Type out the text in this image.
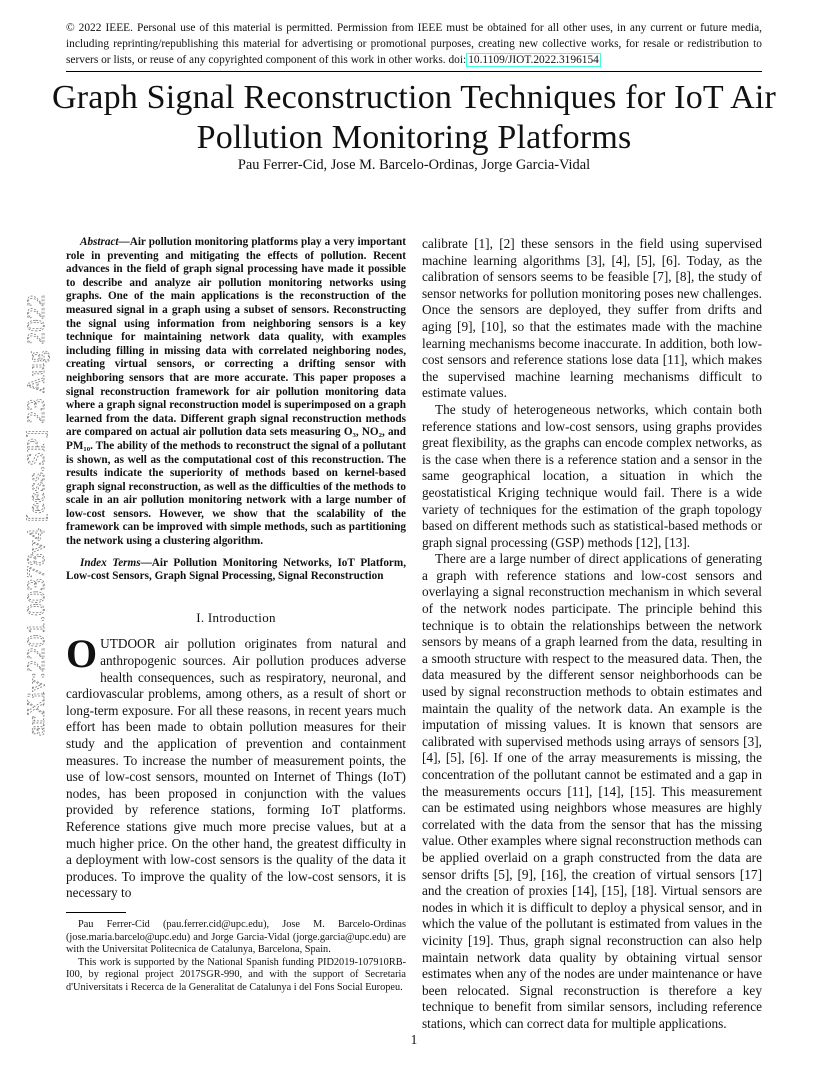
© 2022 IEEE. Personal use of this material is permitted. Permission from IEEE must be obtained for all other uses, in any current or future media, including reprinting/republishing this material for advertising or promotional purposes, creating new collective works, for resale or redistribution to servers or lists, or reuse of any copyrighted component of this work in other works. doi: 10.1109/JIOT.2022.3196154
Graph Signal Reconstruction Techniques for IoT Air Pollution Monitoring Platforms
Pau Ferrer-Cid, Jose M. Barcelo-Ordinas, Jorge Garcia-Vidal
arXiv:2201.00378v4 [eess.SP] 23 Aug 2022

Abstract—Air pollution monitoring platforms play a very important role in preventing and mitigating the effects of pollution. Recent advances in the field of graph signal processing have made it possible to describe and analyze air pollution monitoring networks using graphs. One of the main applications is the reconstruction of the measured signal in a graph using a subset of sensors. Reconstructing the signal using information from neighboring sensors is a key technique for maintaining network data quality, with examples including filling in missing data with correlated neighboring nodes, creating virtual sensors, or correcting a drifting sensor with neighboring sensors that are more accurate. This paper proposes a signal reconstruction framework for air pollution monitoring data where a graph signal reconstruction model is superimposed on a graph learned from the data. Different graph signal reconstruction methods are compared on actual air pollution data sets measuring O₃, NO₂, and PM₁₀. The ability of the methods to reconstruct the signal of a pollutant is shown, as well as the computational cost of this reconstruction. The results indicate the superiority of methods based on kernel-based graph signal reconstruction, as well as the difficulties of the methods to scale in an air pollution monitoring network with a large number of low-cost sensors. However, we show that the scalability of the framework can be improved with simple methods, such as partitioning the network using a clustering algorithm.

Index Terms—Air Pollution Monitoring Networks, IoT Platform, Low-cost Sensors, Graph Signal Processing, Signal Reconstruction

I. Introduction

OUTDOOR air pollution originates from natural and anthropogenic sources. Air pollution produces adverse health consequences, such as respiratory, neuronal, and cardiovascular problems, among others, as a result of short or long-term exposure. For all these reasons, in recent years much effort has been made to obtain pollution measures for their study and the application of prevention and containment measures. To increase the number of measurement points, the use of low-cost sensors, mounted on Internet of Things (IoT) nodes, has been proposed in conjunction with the values provided by reference stations, forming IoT platforms. Reference stations give much more precise values, but at a much higher price. On the other hand, the greatest difficulty in a deployment with low-cost sensors is the quality of the data it produces. To improve the quality of the low-cost sensors, it is necessary to

Pau Ferrer-Cid (pau.ferrer.cid@upc.edu), Jose M. Barcelo-Ordinas (jose.maria.barcelo@upc.edu) and Jorge Garcia-Vidal (jorge.garcia@upc.edu) are with the Universitat Politecnica de Catalunya, Barcelona, Spain.

This work is supported by the National Spanish funding PID2019-107910RB-I00, by regional project 2017SGR-990, and with the support of Secretaria d'Universitats i Recerca de la Generalitat de Catalunya i del Fons Social Europeu.

calibrate [1], [2] these sensors in the field using supervised machine learning algorithms [3], [4], [5], [6]. Today, as the calibration of sensors seems to be feasible [7], [8], the study of sensor networks for pollution monitoring poses new challenges. Once the sensors are deployed, they suffer from drifts and aging [9], [10], so that the estimates made with the machine learning mechanisms become inaccurate. In addition, both low-cost sensors and reference stations lose data [11], which makes the supervised machine learning mechanisms difficult to estimate values.

The study of heterogeneous networks, which contain both reference stations and low-cost sensors, using graphs provides great flexibility, as the graphs can encode complex networks, as is the case when there is a reference station and a sensor in the same geographical location, a situation in which the geostatistical Kriging technique would fail. There is a wide variety of techniques for the estimation of the graph topology based on different methods such as statistical-based methods or graph signal processing (GSP) methods [12], [13].

There are a large number of direct applications of generating a graph with reference stations and low-cost sensors and overlaying a signal reconstruction mechanism in which several of the network nodes participate. The principle behind this technique is to obtain the relationships between the network sensors by means of a graph learned from the data, resulting in a smooth structure with respect to the measured data. Then, the data measured by the different sensor neighborhoods can be used by signal reconstruction methods to obtain estimates and maintain the quality of the network data. An example is the imputation of missing values. It is known that sensors are calibrated with supervised methods using arrays of sensors [3], [4], [5], [6]. If one of the array measurements is missing, the concentration of the pollutant cannot be estimated and a gap in the measurements occurs [11], [14], [15]. This measurement can be estimated using neighbors whose measures are highly correlated with the data from the sensor that has the missing value. Other examples where signal reconstruction methods can be applied overlaid on a graph constructed from the data are sensor drifts [5], [9], [16], the creation of virtual sensors [17] and the creation of proxies [14], [15], [18]. Virtual sensors are nodes in which it is difficult to deploy a physical sensor, and in which the value of the pollutant is estimated from values in the vicinity [19]. Thus, graph signal reconstruction can also help maintain network data quality by obtaining virtual sensor estimates when any of the nodes are under maintenance or have been relocated. Signal reconstruction is therefore a key technique to benefit from similar sensors, including reference stations, which can correct data for multiple applications.

1
